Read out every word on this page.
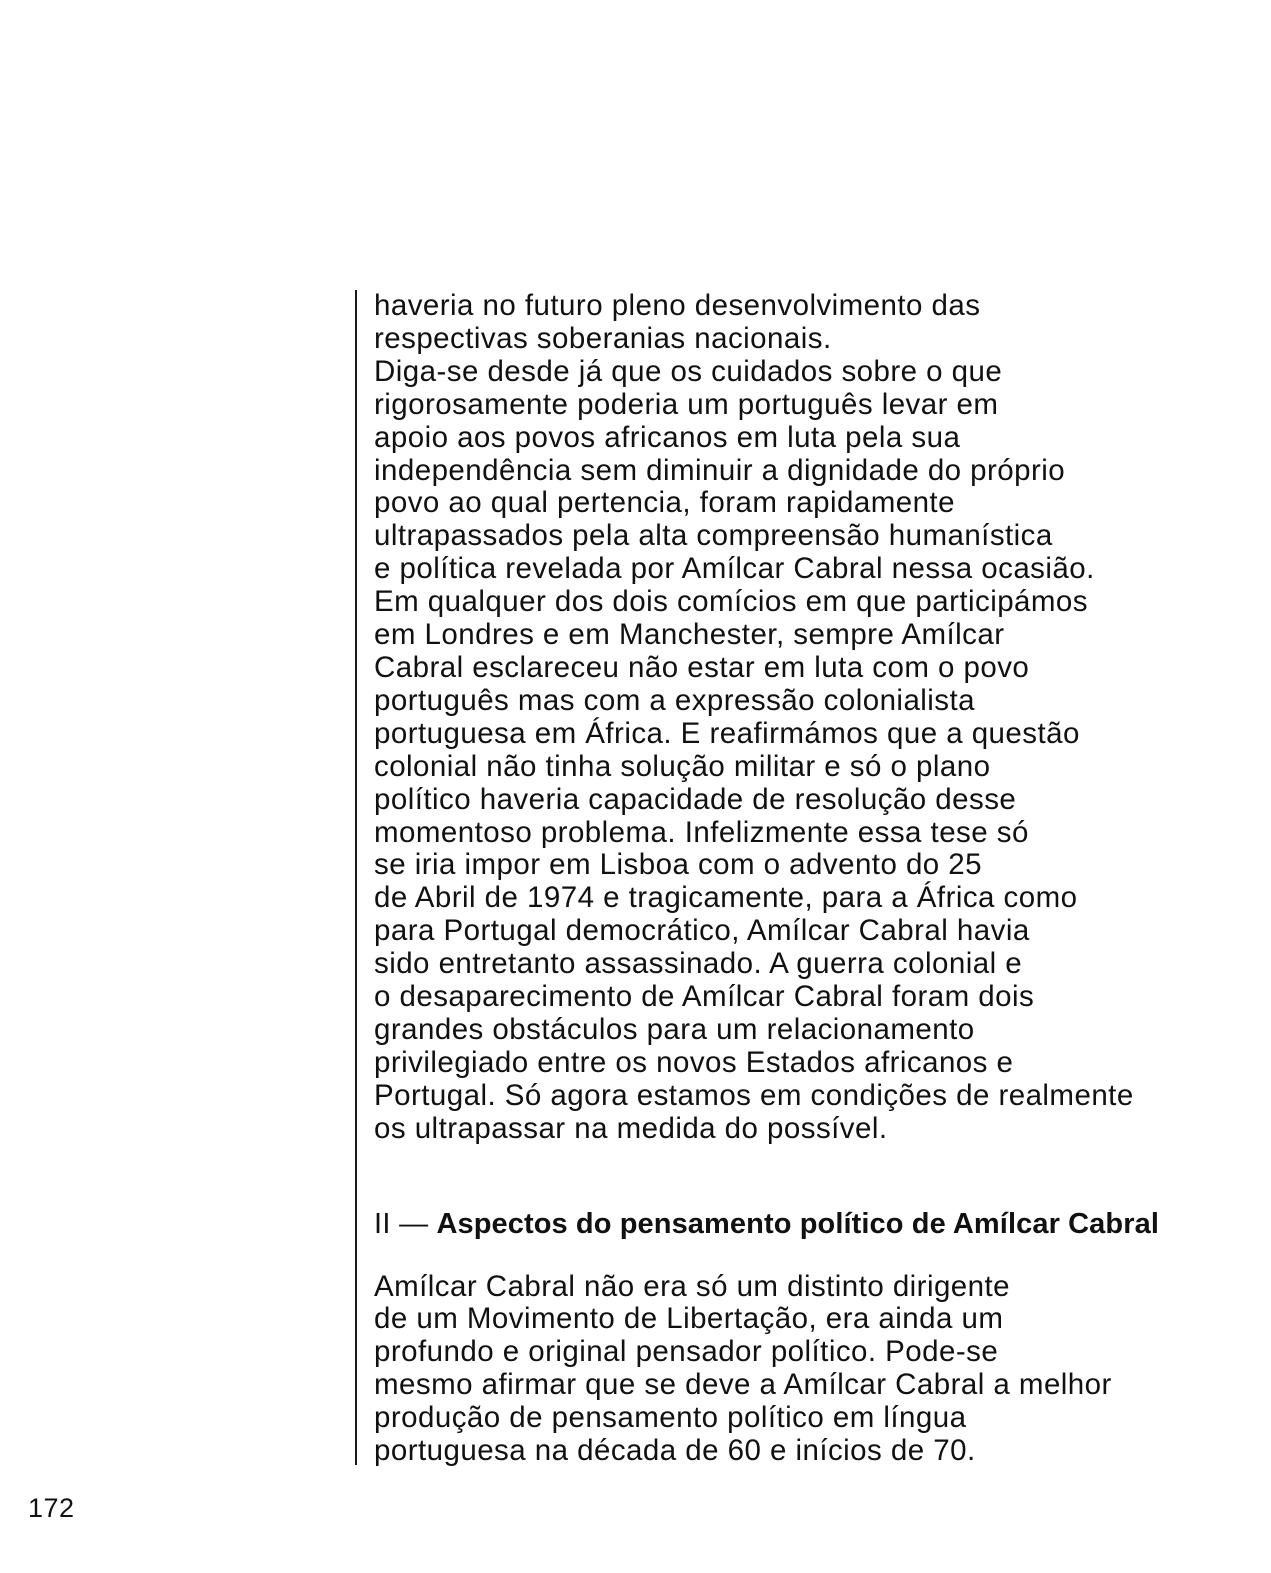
haveria no futuro pleno desenvolvimento das
respectivas soberanias nacionais.
Diga-se desde já que os cuidados sobre o que
rigorosamente poderia um português levar em
apoio aos povos africanos em luta pela sua
independência sem diminuir a dignidade do próprio
povo ao qual pertencia, foram rapidamente
ultrapassados pela alta compreensão humanística
e política revelada por Amílcar Cabral nessa ocasião.
Em qualquer dos dois comícios em que participámos
em Londres e em Manchester, sempre Amílcar
Cabral esclareceu não estar em luta com o povo
português mas com a expressão colonialista
portuguesa em África. E reafirmámos que a questão
colonial não tinha solução militar e só o plano
político haveria capacidade de resolução desse
momentoso problema. Infelizmente essa tese só
se iria impor em Lisboa com o advento do 25
de Abril de 1974 e tragicamente, para a África como
para Portugal democrático, Amílcar Cabral havia
sido entretanto assassinado. A guerra colonial e
o desaparecimento de Amílcar Cabral foram dois
grandes obstáculos para um relacionamento
privilegiado entre os novos Estados africanos e
Portugal. Só agora estamos em condições de realmente
os ultrapassar na medida do possível.

II — Aspectos do pensamento político de Amílcar Cabral

Amílcar Cabral não era só um distinto dirigente
de um Movimento de Libertação, era ainda um
profundo e original pensador político. Pode-se
mesmo afirmar que se deve a Amílcar Cabral a melhor
produção de pensamento político em língua
portuguesa na década de 60 e inícios de 70.

172
